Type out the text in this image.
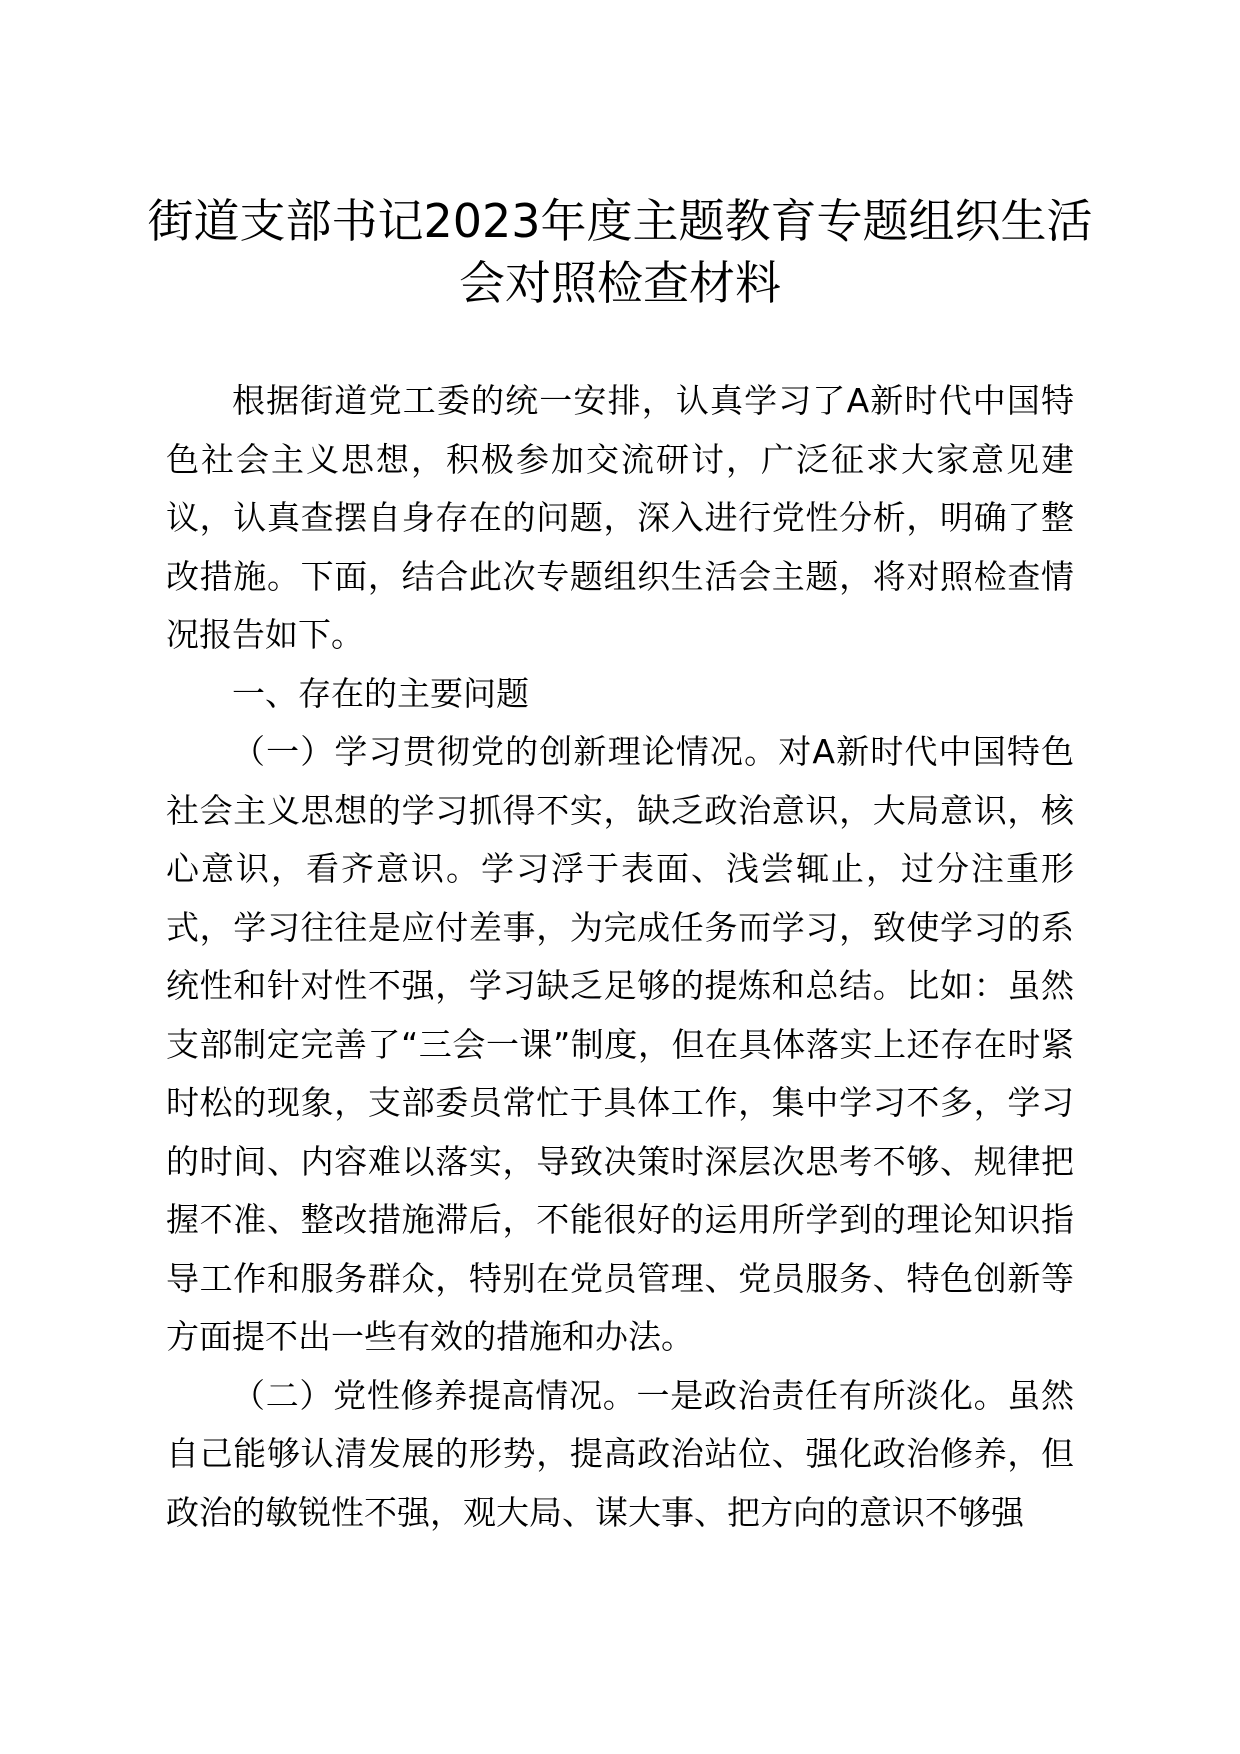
街道支部书记2023年度主题教育专题组织生活会对照检查材料

根据街道党工委的统一安排，认真学习了A新时代中国特色社会主义思想，积极参加交流研讨，广泛征求大家意见建议，认真查摆自身存在的问题，深入进行党性分析，明确了整改措施。下面，结合此次专题组织生活会主题，将对照检查情况报告如下。

一、存在的主要问题

（一）学习贯彻党的创新理论情况。对A新时代中国特色社会主义思想的学习抓得不实，缺乏政治意识，大局意识，核心意识，看齐意识。学习浮于表面、浅尝辄止，过分注重形式，学习往往是应付差事，为完成任务而学习，致使学习的系统性和针对性不强，学习缺乏足够的提炼和总结。比如：虽然支部制定完善了“三会一课”制度，但在具体落实上还存在时紧时松的现象，支部委员常忙于具体工作，集中学习不多，学习的时间、内容难以落实，导致决策时深层次思考不够、规律把握不准、整改措施滞后，不能很好的运用所学到的理论知识指导工作和服务群众，特别在党员管理、党员服务、特色创新等方面提不出一些有效的措施和办法。

（二）党性修养提高情况。一是政治责任有所淡化。虽然自己能够认清发展的形势，提高政治站位、强化政治修养，但政治的敏锐性不强，观大局、谋大事、把方向的意识不够强
